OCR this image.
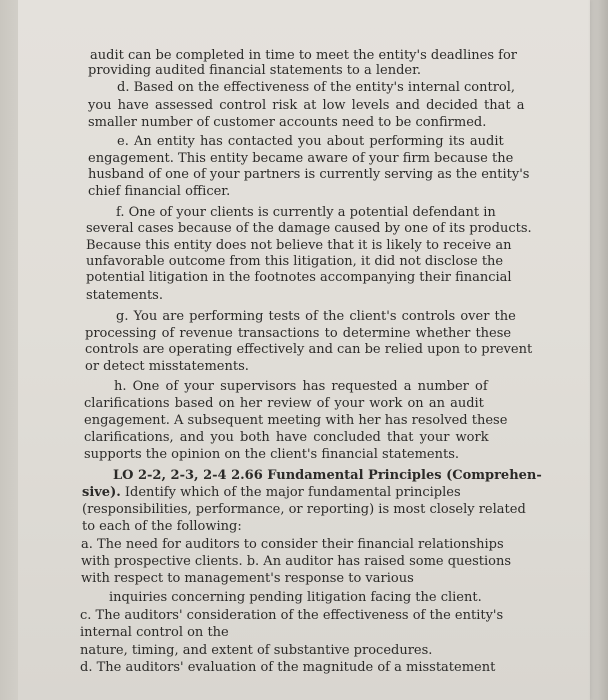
audit can be completed in time to meet the entity's deadlines for
providing audited financial statements to a lender.
d. Based on the effectiveness of the entity's internal control,
you have assessed control risk at low levels and decided that a
smaller number of customer accounts need to be confirmed.
e. An entity has contacted you about performing its audit
engagement. This entity became aware of your firm because the
husband of one of your partners is currently serving as the entity's
chief financial officer.
f. One of your clients is currently a potential defendant in
several cases because of the damage caused by one of its products.
Because this entity does not believe that it is likely to receive an
unfavorable outcome from this litigation, it did not disclose the
potential litigation in the footnotes accompanying their financial
statements.
g. You are performing tests of the client's controls over the
processing of revenue transactions to determine whether these
controls are operating effectively and can be relied upon to prevent
or detect misstatements.
h. One of your supervisors has requested a number of
clarifications based on her review of your work on an audit
engagement. A subsequent meeting with her has resolved these
clarifications, and you both have concluded that your work
supports the opinion on the client's financial statements.
LO 2-2, 2-3, 2-4 2.66 Fundamental Principles (Comprehen-
sive). Identify which of the major fundamental principles
(responsibilities, performance, or reporting) is most closely related
to each of the following:
a. The need for auditors to consider their financial relationships
with prospective clients. b. An auditor has raised some questions
with respect to management's response to various
inquiries concerning pending litigation facing the client.
c. The auditors' consideration of the effectiveness of the entity's
internal control on the
nature, timing, and extent of substantive procedures.
d. The auditors' evaluation of the magnitude of a misstatement
